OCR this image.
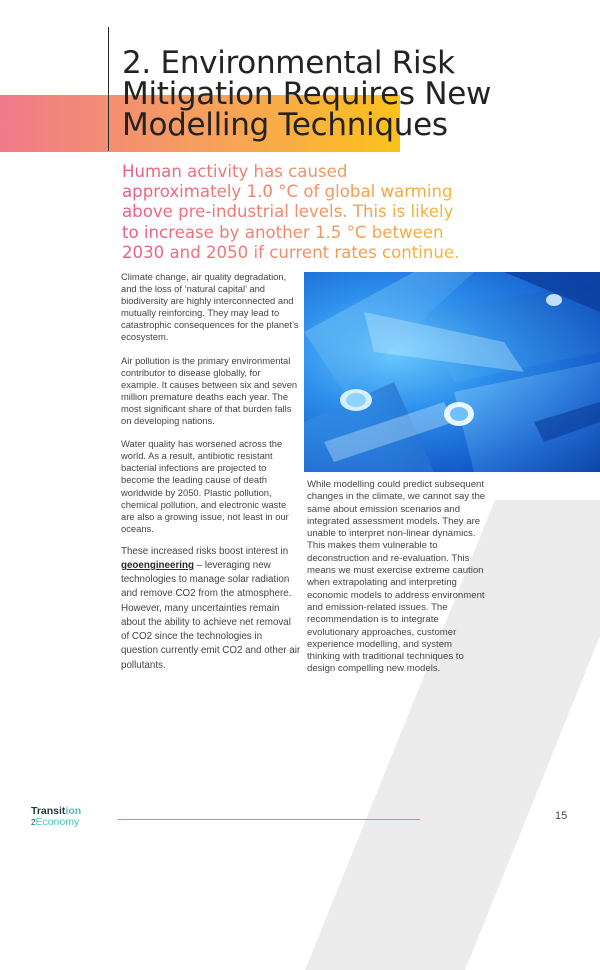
2. Environmental Risk
Mitigation Requires New
Modelling Techniques
Human activity has caused
approximately 1.0 °C of global warming
above pre-industrial levels. This is likely
to increase by another 1.5 °C between
2030 and 2050 if current rates continue.

Climate change, air quality degradation, and the loss of ‘natural capital’ and biodiversity are highly interconnected and mutually reinforcing. They may lead to catastrophic consequences for the planet’s ecosystem.

Air pollution is the primary environmental contributor to disease globally, for example. It causes between six and seven million premature deaths each year. The most significant share of that burden falls on developing nations.

Water quality has worsened across the world. As a result, antibiotic resistant bacterial infections are projected to become the leading cause of death worldwide by 2050. Plastic pollution, chemical pollution, and electronic waste are also a growing issue, not least in our oceans.

These increased risks boost interest in geoengineering – leveraging new technologies to manage solar radiation and remove CO2 from the atmosphere. However, many uncertainties remain about the ability to achieve net removal of CO2 since the technologies in question currently emit CO2 and other air pollutants.

While modelling could predict subsequent changes in the climate, we cannot say the same about emission scenarios and integrated assessment models. They are unable to interpret non-linear dynamics. This makes them vulnerable to deconstruction and re-evaluation. This means we must exercise extreme caution when extrapolating and interpreting economic models to address environment and emission-related issues. The recommendation is to integrate evolutionary approaches, customer experience modelling, and system thinking with traditional techniques to design compelling new models.

Transition
2Economy	15
